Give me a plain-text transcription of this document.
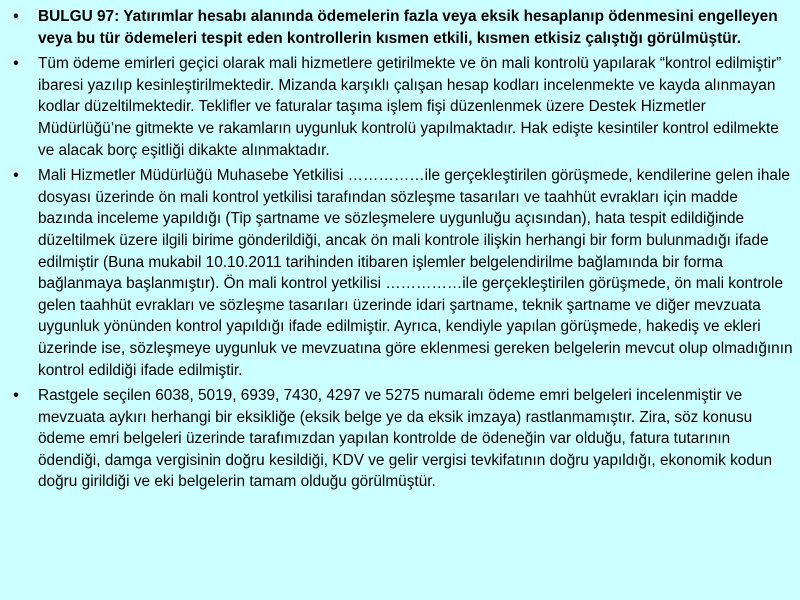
•	BULGU 97: Yatırımlar hesabı alanında ödemelerin fazla veya eksik hesaplanıp ödenmesini engelleyen veya bu tür ödemeleri tespit eden kontrollerin kısmen etkili, kısmen etkisiz çalıştığı görülmüştür.
•	Tüm ödeme emirleri geçici olarak mali hizmetlere getirilmekte ve ön mali kontrolü yapılarak “kontrol edilmiştir” ibaresi yazılıp kesinleştirilmektedir. Mizanda karşıklı çalışan hesap kodları incelenmekte ve kayda alınmayan kodlar düzeltilmektedir. Teklifler ve faturalar taşıma işlem fişi düzenlenmek üzere Destek Hizmetler Müdürlüğü’ne gitmekte ve rakamların uygunluk kontrolü yapılmaktadır. Hak edişte kesintiler kontrol edilmekte ve alacak borç eşitliği dikakte alınmaktadır.
•	Mali Hizmetler Müdürlüğü Muhasebe Yetkilisi ……………ile gerçekleştirilen görüşmede, kendilerine gelen ihale dosyası üzerinde ön mali kontrol yetkilisi tarafından sözleşme tasarıları ve taahhüt evrakları için madde bazında inceleme yapıldığı (Tip şartname ve sözleşmelere uygunluğu açısından), hata tespit edildiğinde düzeltilmek üzere ilgili birime gönderildiği, ancak ön mali kontrole ilişkin herhangi bir form bulunmadığı ifade edilmiştir (Buna mukabil 10.10.2011 tarihinden itibaren işlemler belgelendirilme bağlamında bir forma bağlanmaya başlanmıştır). Ön mali kontrol yetkilisi ……………ile gerçekleştirilen görüşmede, ön mali kontrole gelen taahhüt evrakları ve sözleşme tasarıları üzerinde idari şartname, teknik şartname ve diğer mevzuata uygunluk yönünden kontrol yapıldığı ifade edilmiştir. Ayrıca, kendiyle yapılan görüşmede, hakediş ve ekleri üzerinde ise, sözleşmeye uygunluk ve mevzuatına göre eklenmesi gereken belgelerin mevcut olup olmadığının kontrol edildiği ifade edilmiştir.
•	Rastgele seçilen 6038, 5019, 6939, 7430, 4297 ve 5275 numaralı ödeme emri belgeleri incelenmiştir ve mevzuata aykırı herhangi bir eksikliğe (eksik belge ye da eksik imzaya) rastlanmamıştır. Zira, söz konusu ödeme emri belgeleri üzerinde tarafımızdan yapılan kontrolde de ödeneğin var olduğu, fatura tutarının ödendiği, damga vergisinin doğru kesildiği, KDV ve gelir vergisi tevkifatının doğru yapıldığı, ekonomik kodun doğru girildiği ve eki belgelerin tamam olduğu görülmüştür.
